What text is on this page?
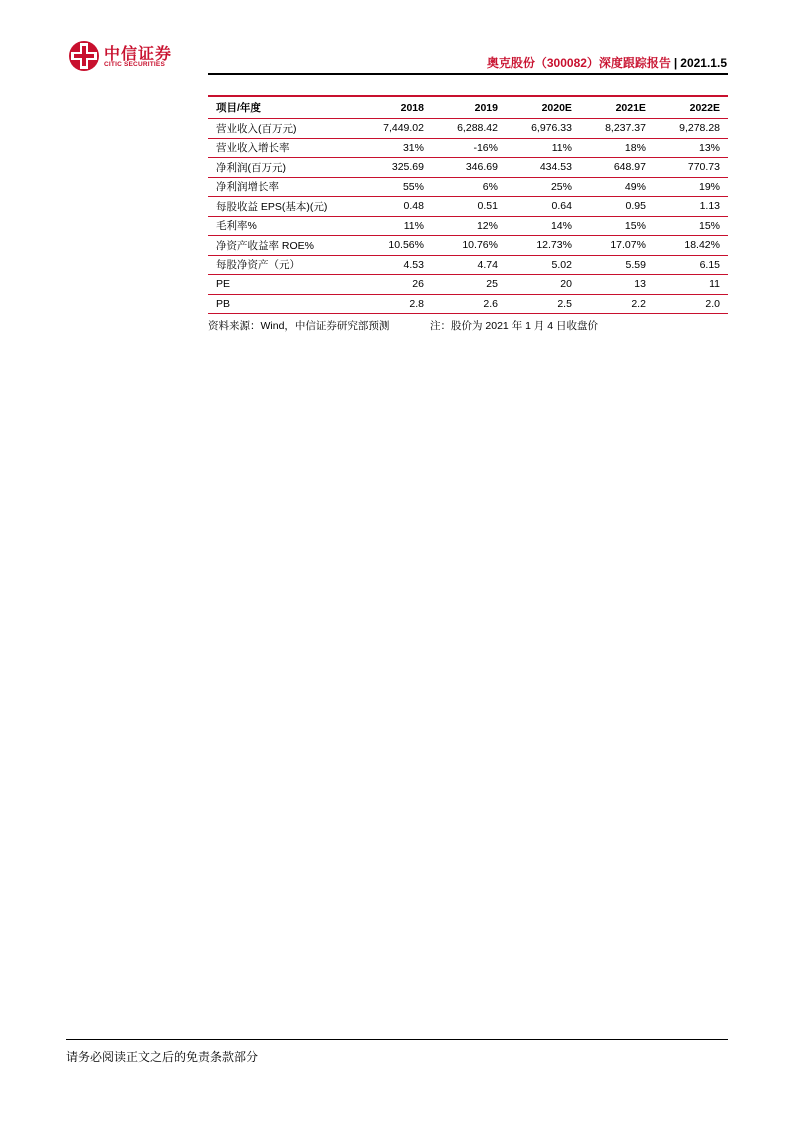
中信证券
CITIC SECURITIES	奥克股份（300082）深度跟踪报告 | 2021.1.5
项目/年度	2018	2019	2020E	2021E	2022E
营业收入(百万元)	7,449.02	6,288.42	6,976.33	8,237.37	9,278.28
营业收入增长率	31%	-16%	11%	18%	13%
净利润(百万元)	325.69	346.69	434.53	648.97	770.73
净利润增长率	55%	6%	25%	49%	19%
每股收益 EPS(基本)(元)	0.48	0.51	0.64	0.95	1.13
毛利率%	11%	12%	14%	15%	15%
净资产收益率 ROE%	10.56%	10.76%	12.73%	17.07%	18.42%
每股净资产（元）	4.53	4.74	5.02	5.59	6.15
PE	26	25	20	13	11
PB	2.8	2.6	2.5	2.2	2.0
资料来源：Wind，中信证券研究部预测	注：股价为 2021 年 1 月 4 日收盘价
请务必阅读正文之后的免责条款部分
